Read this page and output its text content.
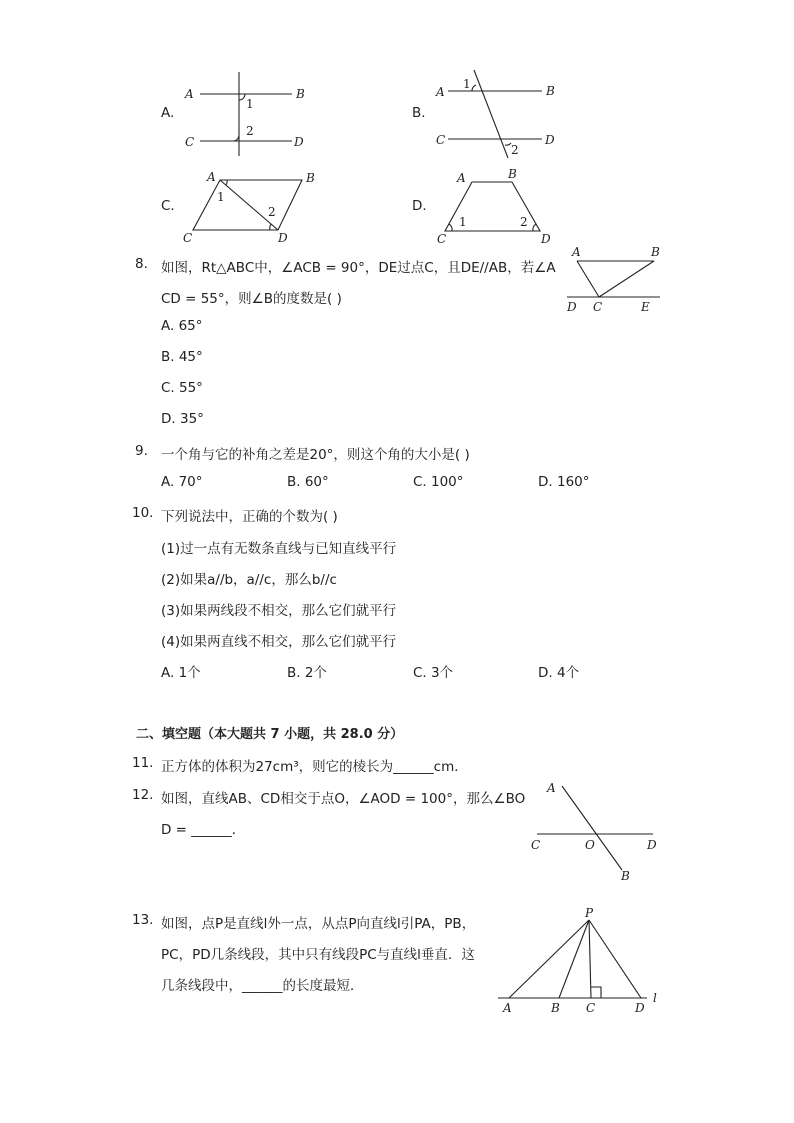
A.
A	B
C	D
1
2
B.
A	B
C	D
1
2
C.
A	B
C	D
1
2	D.
A	B
C	D
1	2
8. 如图，Rt△ABC中，∠ACB = 90°，DE过点C，且DE//AB，若∠A
CD = 55°，则∠B的度数是( )
A. 65°
B. 45°
C. 55°
D. 35°
A	B
D C	E
9. 一个角与它的补角之差是20°，则这个角的大小是( )
A. 70°	B. 60°	C. 100°	D. 160°
10. 下列说法中，正确的个数为( )
(1)过一点有无数条直线与已知直线平行
(2)如果a//b，a//c，那么b//c
(3)如果两线段不相交，那么它们就平行
(4)如果两直线不相交，那么它们就平行
A. 1个	B. 2个	C. 3个	D. 4个
二、填空题（本大题共 7 小题，共 28.0 分）
11. 正方体的体积为27cm³，则它的棱长为______cm．
12. 如图，直线AB、CD相交于点O，∠AOD = 100°，那么∠BO
D = ______．
A
B
C	O	D
13. 如图，点P是直线l外一点，从点P向直线l引PA，PB，
PC，PD几条线段，其中只有线段PC与直线l垂直．这
几条线段中，______的长度最短．
P
A	B C	D
l
